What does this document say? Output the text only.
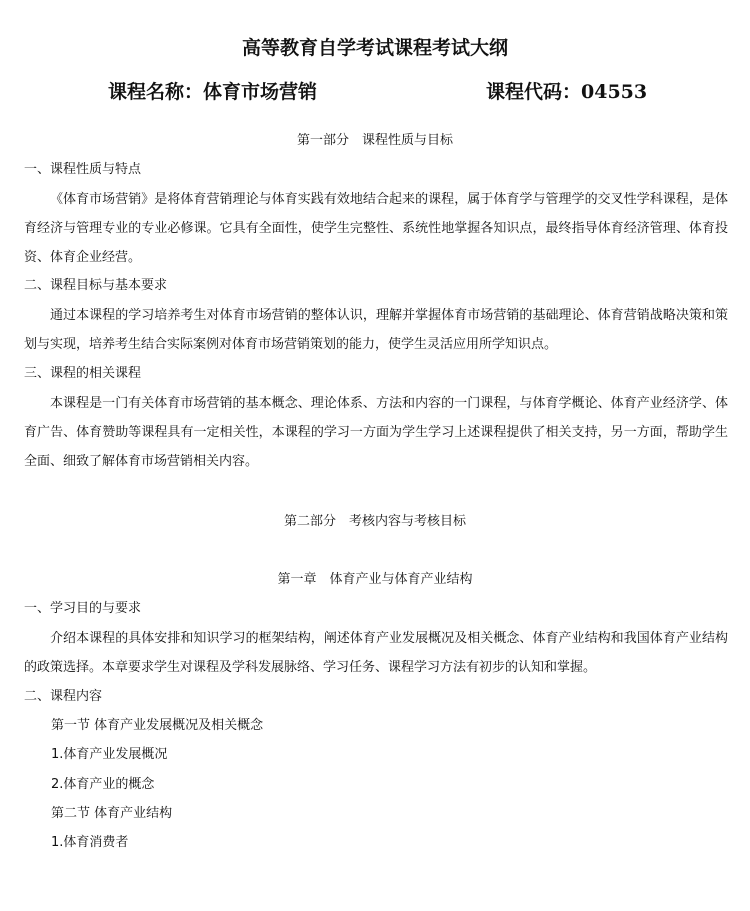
高等教育自学考试课程考试大纲
课程名称：体育市场营销	课程代码：04553
第一部分　课程性质与目标
一、课程性质与特点
《体育市场营销》是将体育营销理论与体育实践有效地结合起来的课程，属于体育学与管理学的交叉性学科课程，是体育经济与管理专业的专业必修课。它具有全面性，使学生完整性、系统性地掌握各知识点，最终指导体育经济管理、体育投资、体育企业经营。
二、课程目标与基本要求
通过本课程的学习培养考生对体育市场营销的整体认识，理解并掌握体育市场营销的基础理论、体育营销战略决策和策划与实现，培养考生结合实际案例对体育市场营销策划的能力，使学生灵活应用所学知识点。
三、课程的相关课程
本课程是一门有关体育市场营销的基本概念、理论体系、方法和内容的一门课程，与体育学概论、体育产业经济学、体育广告、体育赞助等课程具有一定相关性，本课程的学习一方面为学生学习上述课程提供了相关支持，另一方面，帮助学生全面、细致了解体育市场营销相关内容。
第二部分　考核内容与考核目标
第一章　体育产业与体育产业结构
一、学习目的与要求
介绍本课程的具体安排和知识学习的框架结构，阐述体育产业发展概况及相关概念、体育产业结构和我国体育产业结构的政策选择。本章要求学生对课程及学科发展脉络、学习任务、课程学习方法有初步的认知和掌握。
二、课程内容
第一节 体育产业发展概况及相关概念
1.体育产业发展概况
2.体育产业的概念
第二节 体育产业结构
1.体育消费者
